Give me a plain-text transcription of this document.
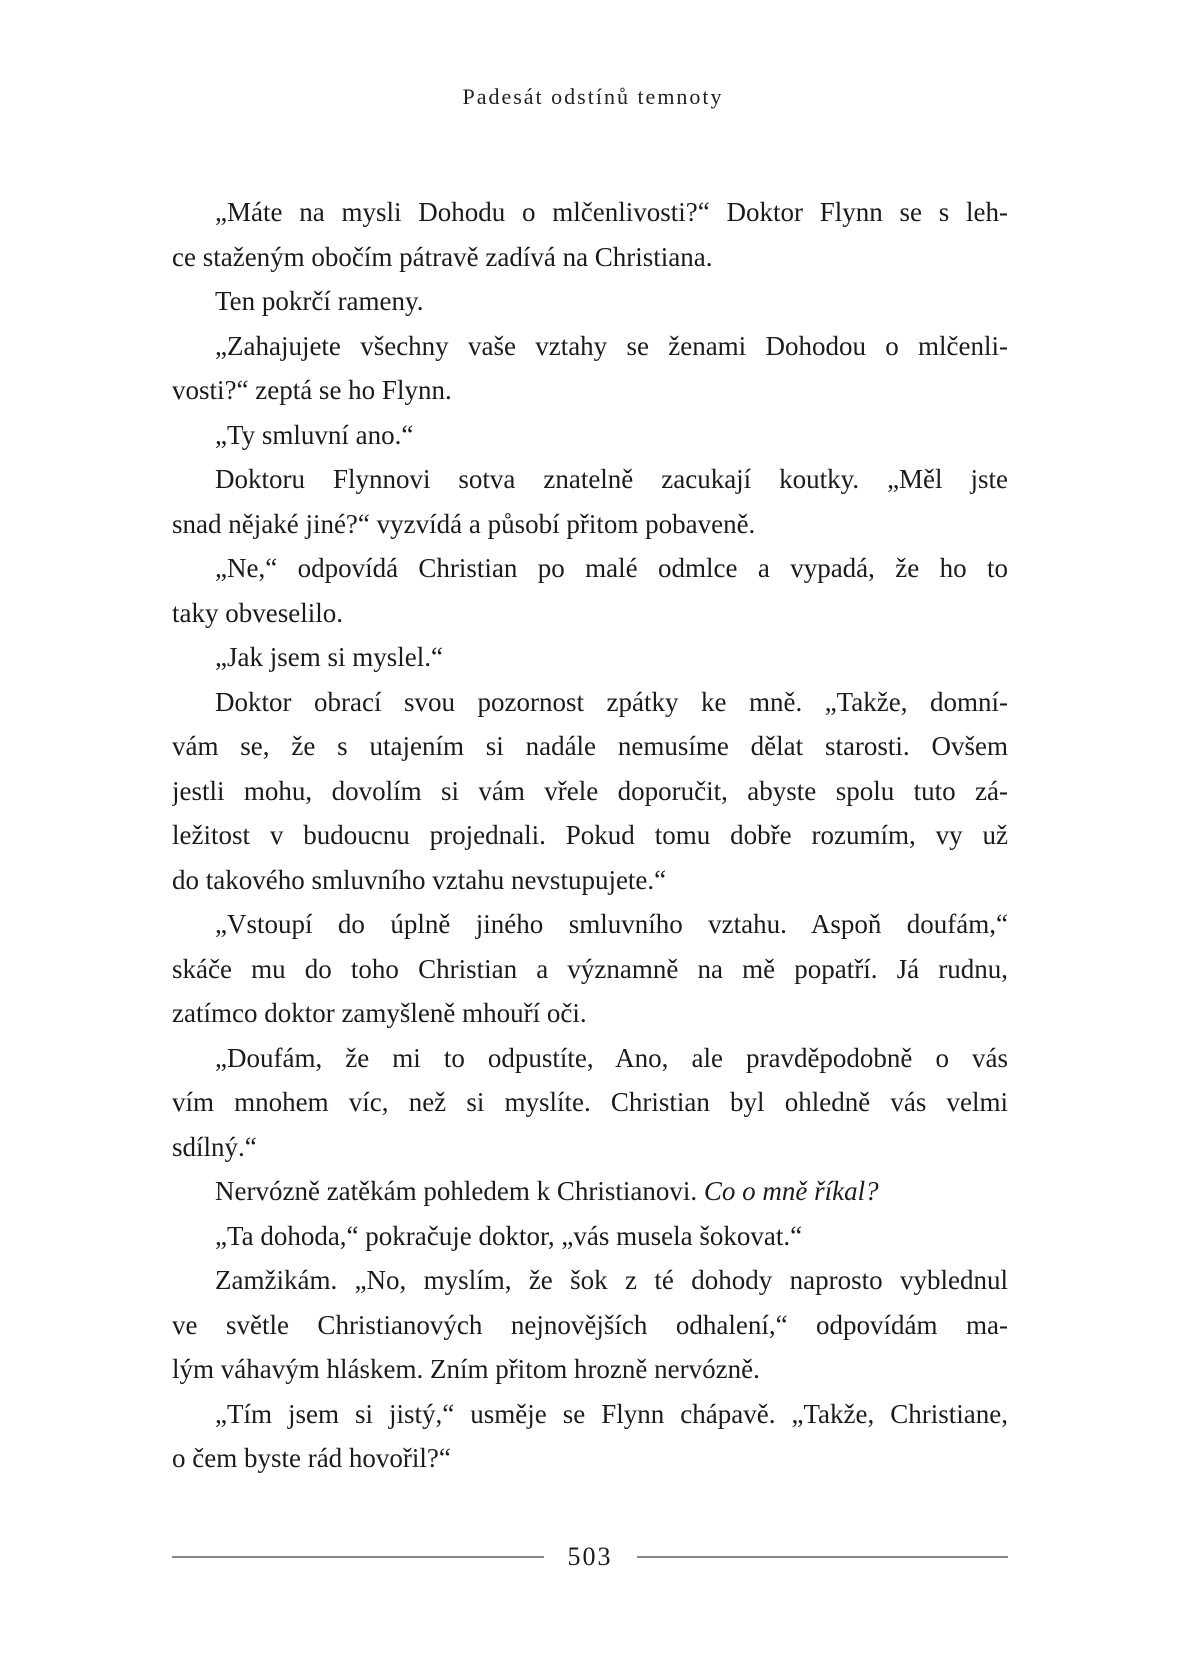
Padesát odstínů temnoty
„Máte na mysli Dohodu o mlčenlivosti?“ Doktor Flynn se s leh-
ce staženým obočím pátravě zadívá na Christiana.
Ten pokrčí rameny.
„Zahajujete všechny vaše vztahy se ženami Dohodou o mlčenli-
vosti?“ zeptá se ho Flynn.
„Ty smluvní ano.“
Doktoru Flynnovi sotva znatelně zacukají koutky. „Měl jste
snad nějaké jiné?“ vyzvídá a působí přitom pobaveně.
„Ne,“ odpovídá Christian po malé odmlce a vypadá, že ho to
taky obveselilo.
„Jak jsem si myslel.“
Doktor obrací svou pozornost zpátky ke mně. „Takže, domní-
vám se, že s utajením si nadále nemusíme dělat starosti. Ovšem
jestli mohu, dovolím si vám vřele doporučit, abyste spolu tuto zá-
ležitost v budoucnu projednali. Pokud tomu dobře rozumím, vy už
do takového smluvního vztahu nevstupujete.“
„Vstoupí do úplně jiného smluvního vztahu. Aspoň doufám,“
skáče mu do toho Christian a významně na mě popatří. Já rudnu,
zatímco doktor zamyšleně mhouří oči.
„Doufám, že mi to odpustíte, Ano, ale pravděpodobně o vás
vím mnohem víc, než si myslíte. Christian byl ohledně vás velmi
sdílný.“
Nervózně zatěkám pohledem k Christianovi. Co o mně říkal?
„Ta dohoda,“ pokračuje doktor, „vás musela šokovat.“
Zamžikám. „No, myslím, že šok z té dohody naprosto vyblednul
ve světle Christianových nejnovějších odhalení,“ odpovídám ma-
lým váhavým hláskem. Zním přitom hrozně nervózně.
„Tím jsem si jistý,“ usměje se Flynn chápavě. „Takže, Christiane,
o čem byste rád hovořil?“
503
